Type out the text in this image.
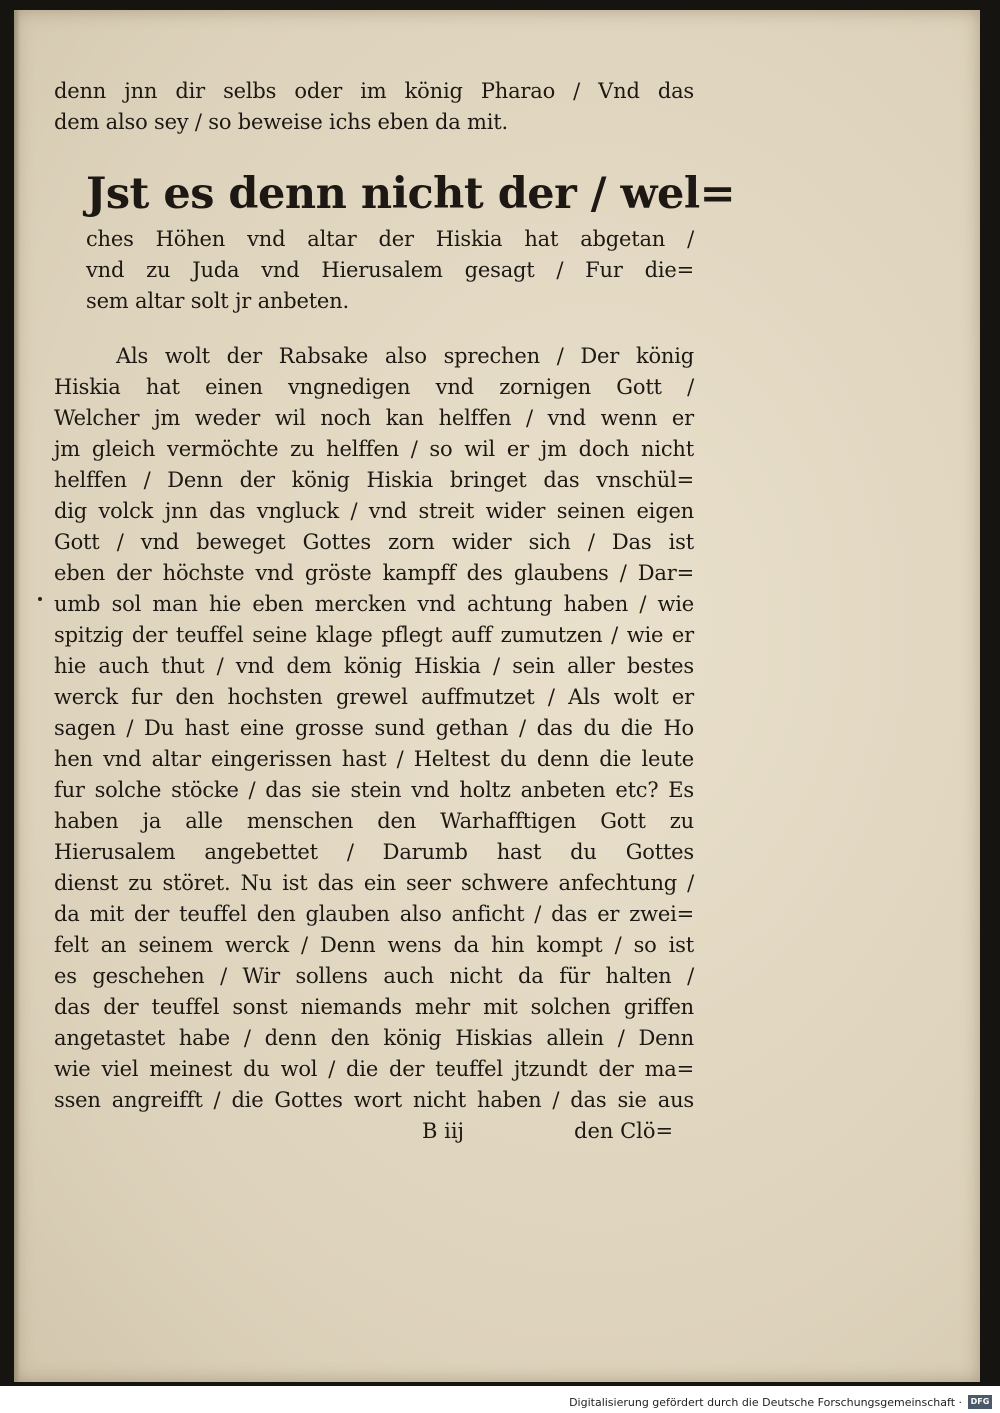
denn jnn dir selbs oder im könig Pharao / Vnd das
dem also sey / so beweise ichs eben da mit.
Jst es denn nicht der / wel=
ches Höhen vnd altar der Hiskia hat abgetan /
vnd zu Juda vnd Hierusalem gesagt / Fur die=
sem altar solt jr anbeten.
Als wolt der Rabsake also sprechen / Der könig
Hiskia hat einen vngnedigen vnd zornigen Gott /
Welcher jm weder wil noch kan helffen / vnd wenn er
jm gleich vermöchte zu helffen / so wil er jm doch nicht
helffen / Denn der könig Hiskia bringet das vnschül=
dig volck jnn das vngluck / vnd streit wider seinen eigen
Gott / vnd beweget Gottes zorn wider sich / Das ist
eben der höchste vnd gröste kampff des glaubens / Dar=
umb sol man hie eben mercken vnd achtung haben / wie
spitzig der teuffel seine klage pflegt auff zumutzen / wie er
hie auch thut / vnd dem könig Hiskia / sein aller bestes
werck fur den hochsten grewel auffmutzet / Als wolt er
sagen / Du hast eine grosse sund gethan / das du die Ho
hen vnd altar eingerissen hast / Heltest du denn die leute
fur solche stöcke / das sie stein vnd holtz anbeten etc? Es
haben ja alle menschen den Warhafftigen Gott zu
Hierusalem angebettet / Darumb hast du Gottes
dienst zu störet. Nu ist das ein seer schwere anfechtung /
da mit der teuffel den glauben also anficht / das er zwei=
felt an seinem werck / Denn wens da hin kompt / so ist
es geschehen / Wir sollens auch nicht da für halten /
das der teuffel sonst niemands mehr mit solchen griffen
angetastet habe / denn den könig Hiskias allein / Denn
wie viel meinest du wol / die der teuffel jtzundt der ma=
ssen angreifft / die Gottes wort nicht haben / das sie aus
B iij	den Clö=
Digitalisierung gefördert durch die Deutsche Forschungsgemeinschaft ·	DFG
